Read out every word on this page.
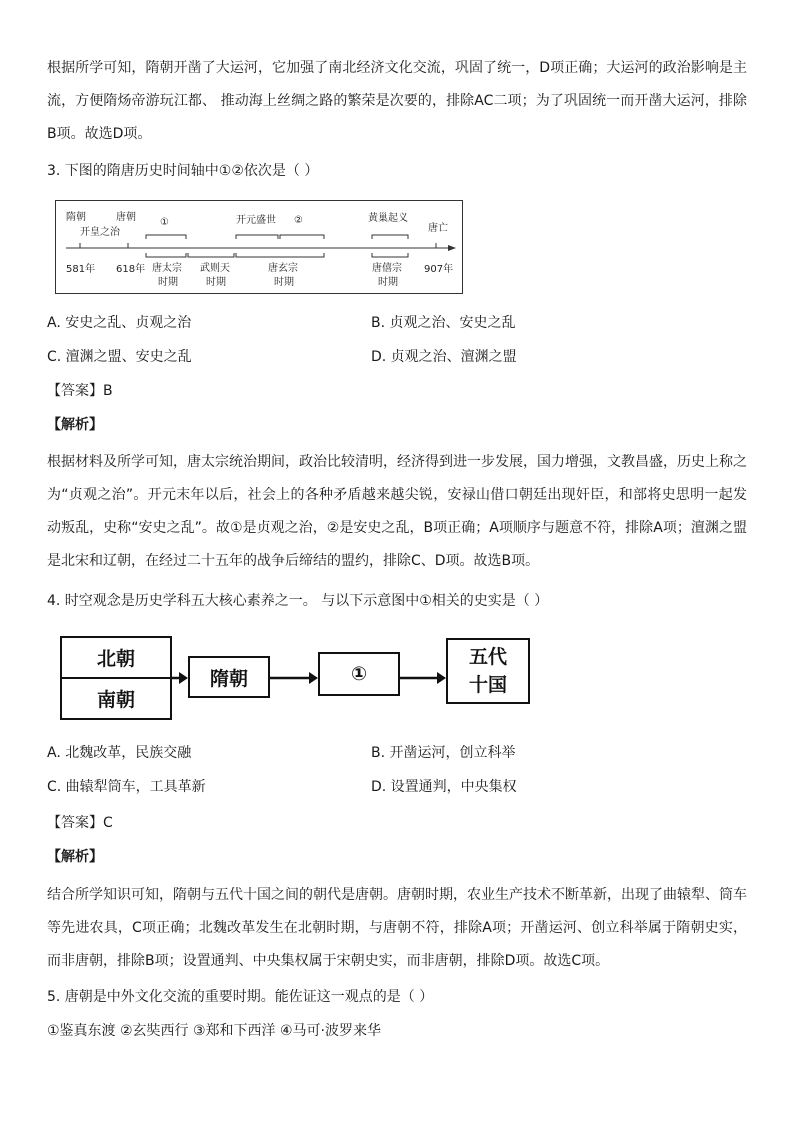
根据所学可知，隋朝开凿了大运河，它加强了南北经济文化交流，巩固了统一，D项正确；大运河的政治影响是主流，方便隋炀帝游玩江都、 推动海上丝绸之路的繁荣是次要的，排除AC二项；为了巩固统一而开凿大运河，排除B项。故选D项。

3. 下图的隋唐历史时间轴中①②依次是（ ）
隋朝
开皇之治
581年
唐朝
618年
①
唐太宗
时期
武则天
时期
开元盛世 ②
唐玄宗
时期
黄巢起义
唐僖宗
时期
唐亡
907年
A. 安史之乱、贞观之治	B. 贞观之治、安史之乱
C. 澶渊之盟、安史之乱	D. 贞观之治、澶渊之盟
【答案】B
【解析】

根据材料及所学可知，唐太宗统治期间，政治比较清明，经济得到进一步发展，国力增强，文教昌盛，历史上称之为“贞观之治”。开元末年以后，社会上的各种矛盾越来越尖锐，安禄山借口朝廷出现奸臣，和部将史思明一起发动叛乱，史称“安史之乱”。故①是贞观之治，②是安史之乱，B项正确；A项顺序与题意不符，排除A项；澶渊之盟是北宋和辽朝，在经过二十五年的战争后缔结的盟约，排除C、D项。故选B项。

4. 时空观念是历史学科五大核心素养之一。 与以下示意图中①相关的史实是（ ）
北朝
南朝
隋朝	①
五代
十国
A. 北魏改革，民族交融	B. 开凿运河，创立科举
C. 曲辕犁筒车，工具革新	D. 设置通判，中央集权
【答案】C
【解析】

结合所学知识可知，隋朝与五代十国之间的朝代是唐朝。唐朝时期，农业生产技术不断革新，出现了曲辕犁、筒车等先进农具，C项正确；北魏改革发生在北朝时期，与唐朝不符，排除A项；开凿运河、创立科举属于隋朝史实，而非唐朝，排除B项；设置通判、中央集权属于宋朝史实，而非唐朝，排除D项。故选C项。

5. 唐朝是中外文化交流的重要时期。能佐证这一观点的是（ ）
①鉴真东渡 ②玄奘西行 ③郑和下西洋 ④马可·波罗来华
